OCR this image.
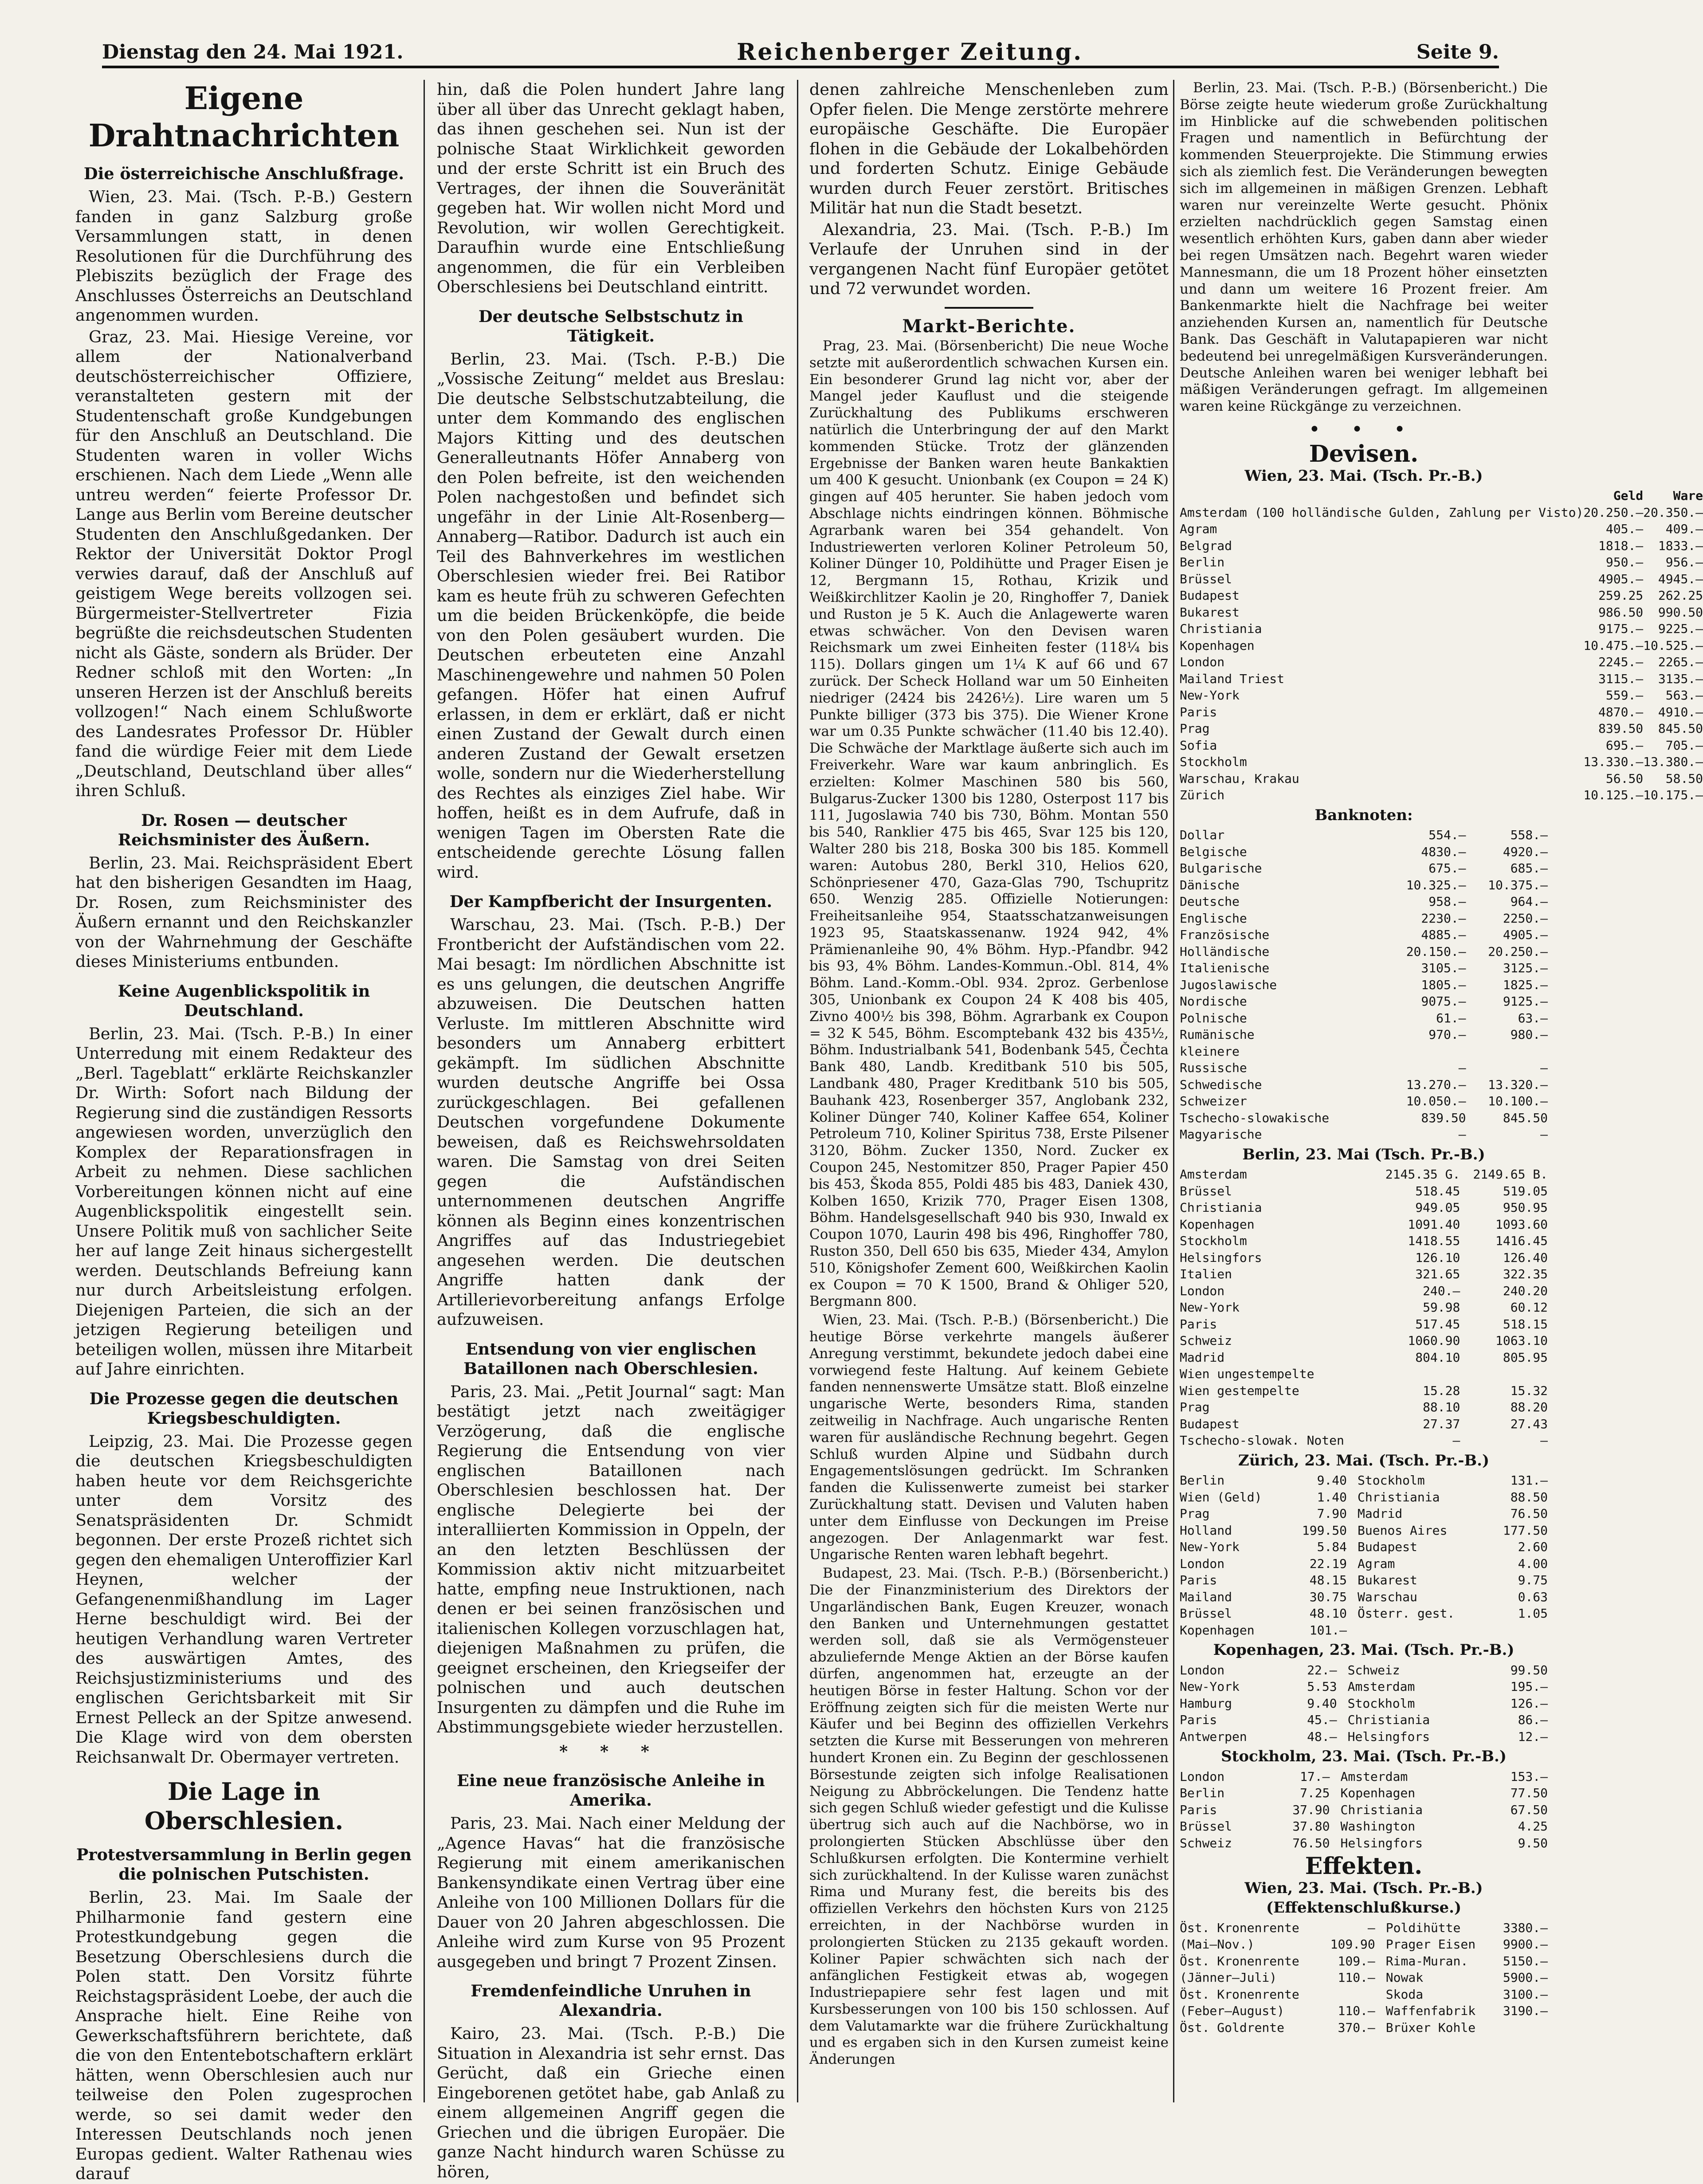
Dienstag den 24. Mai 1921.	Reichenberger Zeitung.	Seite 9.
Eigene Drahtnachrichten
Die österreichische Anschlußfrage.

Wien, 23. Mai. (Tsch. P.-B.) Gestern fanden in ganz Salzburg große Versammlungen statt, in denen Resolutionen für die Durchführung des Plebiszits bezüglich der Frage des Anschlusses Österreichs an Deutschland angenommen wurden.

Graz, 23. Mai. Hiesige Vereine, vor allem der Nationalverband deutschösterreichischer Offiziere, veranstalteten gestern mit der Studentenschaft große Kundgebungen für den Anschluß an Deutschland. Die Studenten waren in voller Wichs erschienen. Nach dem Liede „Wenn alle untreu werden“ feierte Professor Dr. Lange aus Berlin vom Bereine deutscher Studenten den Anschlußgedanken. Der Rektor der Universität Doktor Progl verwies darauf, daß der Anschluß auf geistigem Wege bereits vollzogen sei. Bürgermeister-Stellvertreter Fizia begrüßte die reichsdeutschen Studenten nicht als Gäste, sondern als Brüder. Der Redner schloß mit den Worten: „In unseren Herzen ist der Anschluß bereits vollzogen!“ Nach einem Schlußworte des Landesrates Professor Dr. Hübler fand die würdige Feier mit dem Liede „Deutschland, Deutschland über alles“ ihren Schluß.

Dr. Rosen — deutscher Reichsminister des Äußern.

Berlin, 23. Mai. Reichspräsident Ebert hat den bisherigen Gesandten im Haag, Dr. Rosen, zum Reichsminister des Äußern ernannt und den Reichskanzler von der Wahrnehmung der Geschäfte dieses Ministeriums entbunden.

Keine Augenblickspolitik in Deutschland.

Berlin, 23. Mai. (Tsch. P.-B.) In einer Unterredung mit einem Redakteur des „Berl. Tageblatt“ erklärte Reichskanzler Dr. Wirth: Sofort nach Bildung der Regierung sind die zuständigen Ressorts angewiesen worden, unverzüglich den Komplex der Reparationsfragen in Arbeit zu nehmen. Diese sachlichen Vorbereitungen können nicht auf eine Augenblickspolitik eingestellt sein. Unsere Politik muß von sachlicher Seite her auf lange Zeit hinaus sichergestellt werden. Deutschlands Befreiung kann nur durch Arbeitsleistung erfolgen. Diejenigen Parteien, die sich an der jetzigen Regierung beteiligen und beteiligen wollen, müssen ihre Mitarbeit auf Jahre einrichten.

Die Prozesse gegen die deutschen Kriegsbeschuldigten.

Leipzig, 23. Mai. Die Prozesse gegen die deutschen Kriegsbeschuldigten haben heute vor dem Reichsgerichte unter dem Vorsitz des Senatspräsidenten Dr. Schmidt begonnen. Der erste Prozeß richtet sich gegen den ehemaligen Unteroffizier Karl Heynen, welcher der Gefangenenmißhandlung im Lager Herne beschuldigt wird. Bei der heutigen Verhandlung waren Vertreter des auswärtigen Amtes, des Reichsjustizministeriums und des englischen Gerichtsbarkeit mit Sir Ernest Pelleck an der Spitze anwesend. Die Klage wird von dem obersten Reichsanwalt Dr. Obermayer vertreten.

Die Lage in Oberschlesien.
Protestversammlung in Berlin gegen die polnischen Putschisten.

Berlin, 23. Mai. Im Saale der Philharmonie fand gestern eine Protestkundgebung gegen die Besetzung Oberschlesiens durch die Polen statt. Den Vorsitz führte Reichstagspräsident Loebe, der auch die Ansprache hielt. Eine Reihe von Gewerkschaftsführern berichtete, daß die von den Ententebotschaftern erklärt hätten, wenn Oberschlesien auch nur teilweise den Polen zugesprochen werde, so sei damit weder den Interessen Deutschlands noch jenen Europas gedient. Walter Rathenau wies darauf

hin, daß die Polen hundert Jahre lang über all über das Unrecht geklagt haben, das ihnen geschehen sei. Nun ist der polnische Staat Wirklichkeit geworden und der erste Schritt ist ein Bruch des Vertrages, der ihnen die Souveränität gegeben hat. Wir wollen nicht Mord und Revolution, wir wollen Gerechtigkeit. Daraufhin wurde eine Entschließung angenommen, die für ein Verbleiben Oberschlesiens bei Deutschland eintritt.

Der deutsche Selbstschutz in Tätigkeit.

Berlin, 23. Mai. (Tsch. P.-B.) Die „Vossische Zeitung“ meldet aus Breslau: Die deutsche Selbstschutzabteilung, die unter dem Kommando des englischen Majors Kitting und des deutschen Generalleutnants Höfer Annaberg von den Polen befreite, ist den weichenden Polen nachgestoßen und befindet sich ungefähr in der Linie Alt-Rosenberg—Annaberg—Ratibor. Dadurch ist auch ein Teil des Bahnverkehres im westlichen Oberschlesien wieder frei. Bei Ratibor kam es heute früh zu schweren Gefechten um die beiden Brückenköpfe, die beide von den Polen gesäubert wurden. Die Deutschen erbeuteten eine Anzahl Maschinengewehre und nahmen 50 Polen gefangen. Höfer hat einen Aufruf erlassen, in dem er erklärt, daß er nicht einen Zustand der Gewalt durch einen anderen Zustand der Gewalt ersetzen wolle, sondern nur die Wiederherstellung des Rechtes als einziges Ziel habe. Wir hoffen, heißt es in dem Aufrufe, daß in wenigen Tagen im Obersten Rate die entscheidende gerechte Lösung fallen wird.

Der Kampfbericht der Insurgenten.

Warschau, 23. Mai. (Tsch. P.-B.) Der Frontbericht der Aufständischen vom 22. Mai besagt: Im nördlichen Abschnitte ist es uns gelungen, die deutschen Angriffe abzuweisen. Die Deutschen hatten Verluste. Im mittleren Abschnitte wird besonders um Annaberg erbittert gekämpft. Im südlichen Abschnitte wurden deutsche Angriffe bei Ossa zurückgeschlagen. Bei gefallenen Deutschen vorgefundene Dokumente beweisen, daß es Reichswehrsoldaten waren. Die Samstag von drei Seiten gegen die Aufständischen unternommenen deutschen Angriffe können als Beginn eines konzentrischen Angriffes auf das Industriegebiet angesehen werden. Die deutschen Angriffe hatten dank der Artillerievorbereitung anfangs Erfolge aufzuweisen.

Entsendung von vier englischen Bataillonen nach Oberschlesien.

Paris, 23. Mai. „Petit Journal“ sagt: Man bestätigt jetzt nach zweitägiger Verzögerung, daß die englische Regierung die Entsendung von vier englischen Bataillonen nach Oberschlesien beschlossen hat. Der englische Delegierte bei der interalliierten Kommission in Oppeln, der an den letzten Beschlüssen der Kommission aktiv nicht mitzuarbeitet hatte, empfing neue Instruktionen, nach denen er bei seinen französischen und italienischen Kollegen vorzuschlagen hat, diejenigen Maßnahmen zu prüfen, die geeignet erscheinen, den Kriegseifer der polnischen und auch deutschen Insurgenten zu dämpfen und die Ruhe im Abstimmungsgebiete wieder herzustellen.

* * *
Eine neue französische Anleihe in Amerika.

Paris, 23. Mai. Nach einer Meldung der „Agence Havas“ hat die französische Regierung mit einem amerikanischen Bankensyndikate einen Vertrag über eine Anleihe von 100 Millionen Dollars für die Dauer von 20 Jahren abgeschlossen. Die Anleihe wird zum Kurse von 95 Prozent ausgegeben und bringt 7 Prozent Zinsen.

Fremdenfeindliche Unruhen in Alexandria.

Kairo, 23. Mai. (Tsch. P.-B.) Die Situation in Alexandria ist sehr ernst. Das Gerücht, daß ein Grieche einen Eingeborenen getötet habe, gab Anlaß zu einem allgemeinen Angriff gegen die Griechen und die übrigen Europäer. Die ganze Nacht hindurch waren Schüsse zu hören,

denen zahlreiche Menschenleben zum Opfer fielen. Die Menge zerstörte mehrere europäische Geschäfte. Die Europäer flohen in die Gebäude der Lokalbehörden und forderten Schutz. Einige Gebäude wurden durch Feuer zerstört. Britisches Militär hat nun die Stadt besetzt.

Alexandria, 23. Mai. (Tsch. P.-B.) Im Verlaufe der Unruhen sind in der vergangenen Nacht fünf Europäer getötet und 72 verwundet worden.

Markt-Berichte.

Prag, 23. Mai. (Börsenbericht) Die neue Woche setzte mit außerordentlich schwachen Kursen ein. Ein besonderer Grund lag nicht vor, aber der Mangel jeder Kauflust und die steigende Zurückhaltung des Publikums erschweren natürlich die Unterbringung der auf den Markt kommenden Stücke. Trotz der glänzenden Ergebnisse der Banken waren heute Bankaktien um 400 K gesucht. Unionbank (ex Coupon = 24 K) gingen auf 405 herunter. Sie haben jedoch vom Abschlage nichts eindringen können. Böhmische Agrarbank waren bei 354 gehandelt. Von Industriewerten verloren Koliner Petroleum 50, Koliner Dünger 10, Poldihütte und Prager Eisen je 12, Bergmann 15, Rothau, Krizik und Weißkirchlitzer Kaolin je 20, Ringhoffer 7, Daniek und Ruston je 5 K. Auch die Anlagewerte waren etwas schwächer. Von den Devisen waren Reichsmark um zwei Einheiten fester (118¼ bis 115). Dollars gingen um 1¼ K auf 66 und 67 zurück. Der Scheck Holland war um 50 Einheiten niedriger (2424 bis 2426½). Lire waren um 5 Punkte billiger (373 bis 375). Die Wiener Krone war um 0.35 Punkte schwächer (11.40 bis 12.40). Die Schwäche der Marktlage äußerte sich auch im Freiverkehr. Ware war kaum anbringlich. Es erzielten: Kolmer Maschinen 580 bis 560, Bulgarus-Zucker 1300 bis 1280, Osterpost 117 bis 111, Jugoslawia 740 bis 730, Böhm. Montan 550 bis 540, Ranklier 475 bis 465, Svar 125 bis 120, Walter 280 bis 218, Boska 300 bis 185. Kommell waren: Autobus 280, Berkl 310, Helios 620, Schönpriesener 470, Gaza-Glas 790, Tschupritz 650. Wenzig 285. Offizielle Notierungen: Freiheitsanleihe 954, Staatsschatzanweisungen 1923 95, Staatskassenanw. 1924 942, 4% Prämienanleihe 90, 4% Böhm. Hyp.-Pfandbr. 942 bis 93, 4% Böhm. Landes-Kommun.-Obl. 814, 4% Böhm. Land.-Komm.-Obl. 934. 2proz. Gerbenlose 305, Unionbank ex Coupon 24 K 408 bis 405, Zivno 400½ bis 398, Böhm. Agrarbank ex Coupon = 32 K 545, Böhm. Escomptebank 432 bis 435½, Böhm. Industrialbank 541, Bodenbank 545, Čechta Bank 480, Landb. Kreditbank 510 bis 505, Landbank 480, Prager Kreditbank 510 bis 505, Bauhank 423, Rosenberger 357, Anglobank 232, Koliner Dünger 740, Koliner Kaffee 654, Koliner Petroleum 710, Koliner Spiritus 738, Erste Pilsener 3120, Böhm. Zucker 1350, Nord. Zucker ex Coupon 245, Nestomitzer 850, Prager Papier 450 bis 453, Škoda 855, Poldi 485 bis 483, Daniek 430, Kolben 1650, Krizik 770, Prager Eisen 1308, Böhm. Handelsgesellschaft 940 bis 930, Inwald ex Coupon 1070, Laurin 498 bis 496, Ringhoffer 780, Ruston 350, Dell 650 bis 635, Mieder 434, Amylon 510, Königshofer Zement 600, Weißkirchen Kaolin ex Coupon = 70 K 1500, Brand & Ohliger 520, Bergmann 800.

Wien, 23. Mai. (Tsch. P.-B.) (Börsenbericht.) Die heutige Börse verkehrte mangels äußerer Anregung verstimmt, bekundete jedoch dabei eine vorwiegend feste Haltung. Auf keinem Gebiete fanden nennenswerte Umsätze statt. Bloß einzelne ungarische Werte, besonders Rima, standen zeitweilig in Nachfrage. Auch ungarische Renten waren für ausländische Rechnung begehrt. Gegen Schluß wurden Alpine und Südbahn durch Engagementslösungen gedrückt. Im Schranken fanden die Kulissenwerte zumeist bei starker Zurückhaltung statt. Devisen und Valuten haben unter dem Einflusse von Deckungen im Preise angezogen. Der Anlagenmarkt war fest. Ungarische Renten waren lebhaft begehrt.

Budapest, 23. Mai. (Tsch. P.-B.) (Börsenbericht.) Die der Finanzministerium des Direktors der Ungarländischen Bank, Eugen Kreuzer, wonach den Banken und Unternehmungen gestattet werden soll, daß sie als Vermögensteuer abzuliefernde Menge Aktien an der Börse kaufen dürfen, angenommen hat, erzeugte an der heutigen Börse in fester Haltung. Schon vor der Eröffnung zeigten sich für die meisten Werte nur Käufer und bei Beginn des offiziellen Verkehrs setzten die Kurse mit Besserungen von mehreren hundert Kronen ein. Zu Beginn der geschlossenen Börsestunde zeigten sich infolge Realisationen Neigung zu Abbröckelungen. Die Tendenz hatte sich gegen Schluß wieder gefestigt und die Kulisse übertrug sich auch auf die Nachbörse, wo in prolongierten Stücken Abschlüsse über den Schlußkursen erfolgten. Die Kontermine verhielt sich zurückhaltend. In der Kulisse waren zunächst Rima und Murany fest, die bereits bis des offiziellen Verkehrs den höchsten Kurs von 2125 erreichten, in der Nachbörse wurden in prolongierten Stücken zu 2135 gekauft worden. Koliner Papier schwächten sich nach der anfänglichen Festigkeit etwas ab, wogegen Industriepapiere sehr fest lagen und mit Kursbesserungen von 100 bis 150 schlossen. Auf dem Valutamarkte war die frühere Zurückhaltung und es ergaben sich in den Kursen zumeist keine Änderungen

Berlin, 23. Mai. (Tsch. P.-B.) (Börsenbericht.) Die Börse zeigte heute wiederum große Zurückhaltung im Hinblicke auf die schwebenden politischen Fragen und namentlich in Befürchtung der kommenden Steuerprojekte. Die Stimmung erwies sich als ziemlich fest. Die Veränderungen bewegten sich im allgemeinen in mäßigen Grenzen. Lebhaft waren nur vereinzelte Werte gesucht. Phönix erzielten nachdrücklich gegen Samstag einen wesentlich erhöhten Kurs, gaben dann aber wieder bei regen Umsätzen nach. Begehrt waren wieder Mannesmann, die um 18 Prozent höher einsetzten und dann um weitere 16 Prozent freier. Am Bankenmarkte hielt die Nachfrage bei weiter anziehenden Kursen an, namentlich für Deutsche Bank. Das Geschäft in Valutapapieren war nicht bedeutend bei unregelmäßigen Kursveränderungen. Deutsche Anleihen waren bei weniger lebhaft bei mäßigen Veränderungen gefragt. Im allgemeinen waren keine Rückgänge zu verzeichnen.

• • •
Devisen.
Wien, 23. Mai. (Tsch. Pr.-B.)
	Geld	Ware
Amsterdam (100 holländische Gulden, Zahlung per Visto)	20.250.—	20.350.—
Agram	405.—	409.—
Belgrad	1818.—	1833.—
Berlin	950.—	956.—
Brüssel	4905.—	4945.—
Budapest	259.25	262.25
Bukarest	986.50	990.50
Christiania	9175.—	9225.—
Kopenhagen	10.475.—	10.525.—
London	2245.—	2265.—
Mailand Triest	3115.—	3135.—
New-York	559.—	563.—
Paris	4870.—	4910.—
Prag	839.50	845.50
Sofia	695.—	705.—
Stockholm	13.330.—	13.380.—
Warschau, Krakau	56.50	58.50
Zürich	10.125.—	10.175.—
Banknoten:
Dollar	554.—	558.—
Belgische	4830.—	4920.—
Bulgarische	675.—	685.—
Dänische	10.325.—	10.375.—
Deutsche	958.—	964.—
Englische	2230.—	2250.—
Französische	4885.—	4905.—
Holländische	20.150.—	20.250.—
Italienische	3105.—	3125.—
Jugoslawische	1805.—	1825.—
Nordische	9075.—	9125.—
Polnische	61.—	63.—
Rumänische	970.—	980.—
kleinere		
Russische	—	—
Schwedische	13.270.—	13.320.—
Schweizer	10.050.—	10.100.—
Tschecho-slowakische	839.50	845.50
Magyarische	—	—
Berlin, 23. Mai (Tsch. Pr.-B.)
Amsterdam	2145.35 G.	2149.65 B.
Brüssel	518.45	519.05
Christiania	949.05	950.95
Kopenhagen	1091.40	1093.60
Stockholm	1418.55	1416.45
Helsingfors	126.10	126.40
Italien	321.65	322.35
London	240.—	240.20
New-York	59.98	60.12
Paris	517.45	518.15
Schweiz	1060.90	1063.10
Madrid	804.10	805.95
Wien ungestempelte		
Wien gestempelte	15.28	15.32
Prag	88.10	88.20
Budapest	27.37	27.43
Tschecho-slowak. Noten	—	—
Zürich, 23. Mai. (Tsch. Pr.-B.)
Berlin	9.40	Stockholm	131.—
Wien (Geld)	1.40	Christiania	88.50
Prag	7.90	Madrid	76.50
Holland	199.50	Buenos Aires	177.50
New-York	5.84	Budapest	2.60
London	22.19	Agram	4.00
Paris	48.15	Bukarest	9.75
Mailand	30.75	Warschau	0.63
Brüssel	48.10	Österr. gest.	1.05
Kopenhagen	101.—		
Kopenhagen, 23. Mai. (Tsch. Pr.-B.)
London	22.—	Schweiz	99.50
New-York	5.53	Amsterdam	195.—
Hamburg	9.40	Stockholm	126.—
Paris	45.—	Christiania	86.—
Antwerpen	48.—	Helsingfors	12.—
Stockholm, 23. Mai. (Tsch. Pr.-B.)
London	17.—	Amsterdam	153.—
Berlin	7.25	Kopenhagen	77.50
Paris	37.90	Christiania	67.50
Brüssel	37.80	Washington	4.25
Schweiz	76.50	Helsingfors	9.50
Effekten.
Wien, 23. Mai. (Tsch. Pr.-B.) (Effektenschlußkurse.)
Öst. Kronenrente	—	Poldihütte	3380.—
(Mai—Nov.)	109.90	Prager Eisen	9900.—
Öst. Kronenrente	109.—	Rima-Muran.	5150.—
(Jänner—Juli)	110.—	Nowak	5900.—
Öst. Kronenrente		Skoda	3100.—
(Feber—August)	110.—	Waffenfabrik	3190.—
Öst. Goldrente	370.—	Brüxer Kohle	
